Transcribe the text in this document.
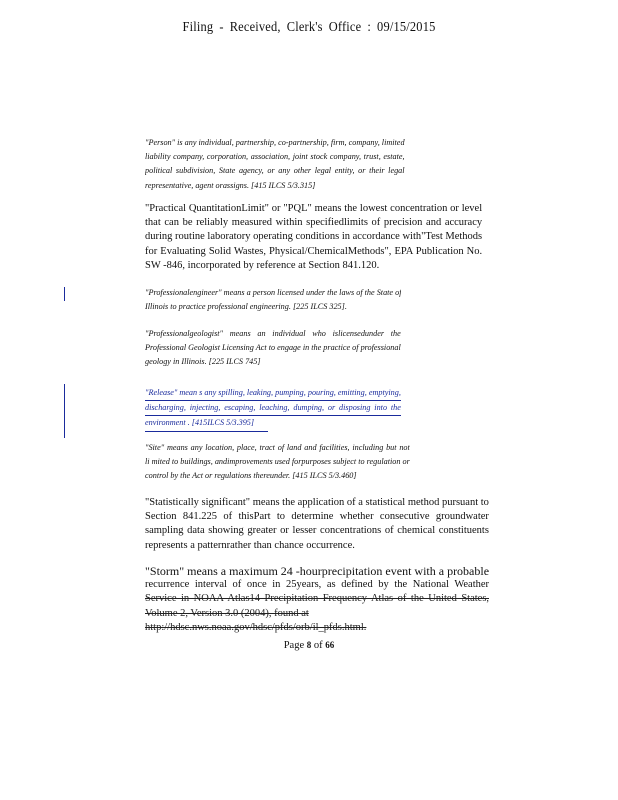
Filing - Received, Clerk's Office : 09/15/2015
"Person" is any individual, partnership, co-partnership, firm, company, limited
liability company, corporation, association, joint stock company, trust, estate,
political subdivision, State agency, or any other legal entity, or their legal
representative, agent orassigns. [415 ILCS 5/3.315]
"Practical QuantitationLimit" or "PQL" means the lowest concentration or level
that can be reliably measured within specifiedlimits of precision and accuracy
during routine laboratory operating conditions in accordance with"Test Methods
for Evaluating Solid Wastes, Physical/ChemicalMethods", EPA Publication No.
SW -846, incorporated by reference at Section 841.120.
"Professionalengineer" means a person licensed under the laws of the State of
Illinois to practice professional engineering. [225 ILCS 325].
"Professionalgeologist" means an individual who islicensedunder the
Professional Geologist Licensing Act to engage in the practice of professional
geology in Illinois. [225 ILCS 745]
"Release" mean s any spilling, leaking, pumping, pouring, emitting, emptying,
discharging, injecting, escaping, leaching, dumping, or disposing into the
environment . [415ILCS 5/3.395]
"Site" means any location, place, tract of land and facilities, including but not
li mited to buildings, andimprovements used forpurposes subject to regulation or
control by the Act or regulations thereunder. [415 ILCS 5/3.460]
"Statistically significant" means the application of a statistical method pursuant to
Section 841.225 of thisPart to determine whether consecutive groundwater
sampling data showing greater or lesser concentrations of chemical constituents
represents a patternrather than chance occurrence.
"Storm" means a maximum 24 -hourprecipitation event with a probable
recurrence interval of once in 25years, as defined by the National Weather
Service in NOAA Atlas14 Precipitation Frequency Atlas of the United States,
Volume 2, Version 3.0 (2004), found at
http://hdsc.nws.noaa.gov/hdsc/pfds/orb/il_pfds.html.
Page 8 of 66
